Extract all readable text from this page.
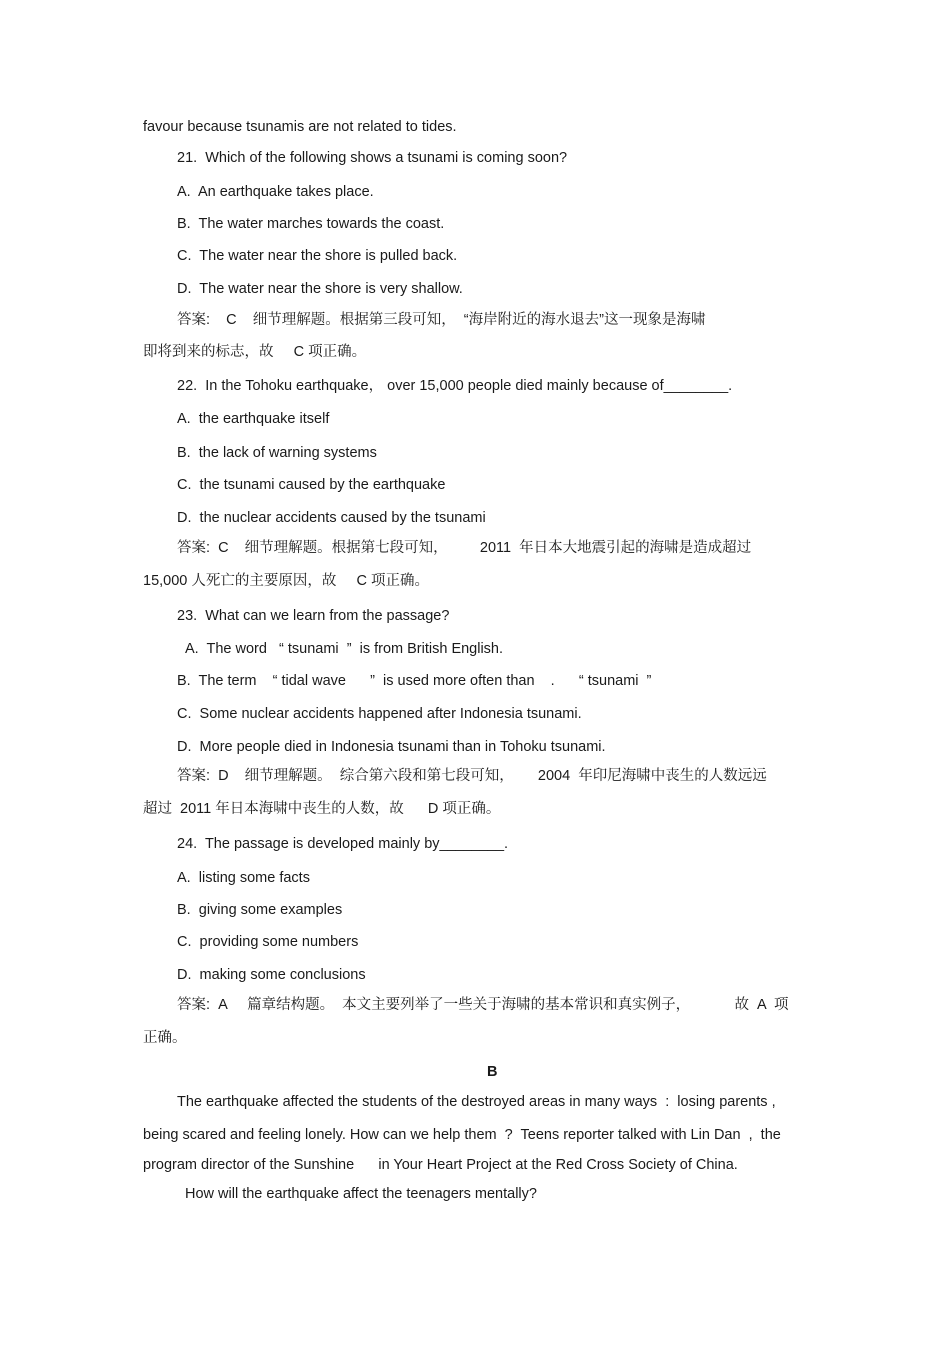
favour because tsunamis are not related to tides.
21.  Which of the following shows a tsunami is coming soon?
A.  An earthquake takes place.
B.  The water marches towards the coast.
C.  The water near the shore is pulled back.
D.  The water near the shore is very shallow.
答案:    C    细节理解题。根据第三段可知，  “海岸附近的海水退去”这一现象是海啸
即将到来的标志，故     C 项正确。
22.  In the Tohoku earthquake， over 15,000 people died mainly because of________.
A.  the earthquake itself
B.  the lack of warning systems
C.  the tsunami caused by the earthquake
D.  the nuclear accidents caused by the tsunami
答案:  C    细节理解题。根据第七段可知，        2011  年日本大地震引起的海啸是造成超过
15,000 人死亡的主要原因，故     C 项正确。
23.  What can we learn from the passage?
A.  The word   “ tsunami  ”  is from British English.
B.  The term    “ tidal wave      ”  is used more often than    .      “ tsunami  ”
C.  Some nuclear accidents happened after Indonesia tsunami.
D.  More people died in Indonesia tsunami than in Tohoku tsunami.
答案:  D    细节理解题。  综合第六段和第七段可知，      2004  年印尼海啸中丧生的人数远远
超过  2011 年日本海啸中丧生的人数，故      D 项正确。
24.  The passage is developed mainly by________.
A.  listing some facts
B.  giving some examples
C.  providing some numbers
D.  making some conclusions
答案:  A     篇章结构题。  本文主要列举了一些关于海啸的基本常识和真实例子，           故  A  项
正确。
B
The earthquake affected the students of the destroyed areas in many ways  :  losing parents ,
being scared and feeling lonely. How can we help them  ?  Teens reporter talked with Lin Dan  ,  the
program director of the Sunshine      in Your Heart Project at the Red Cross Society of China.
How will the earthquake affect the teenagers mentally?
